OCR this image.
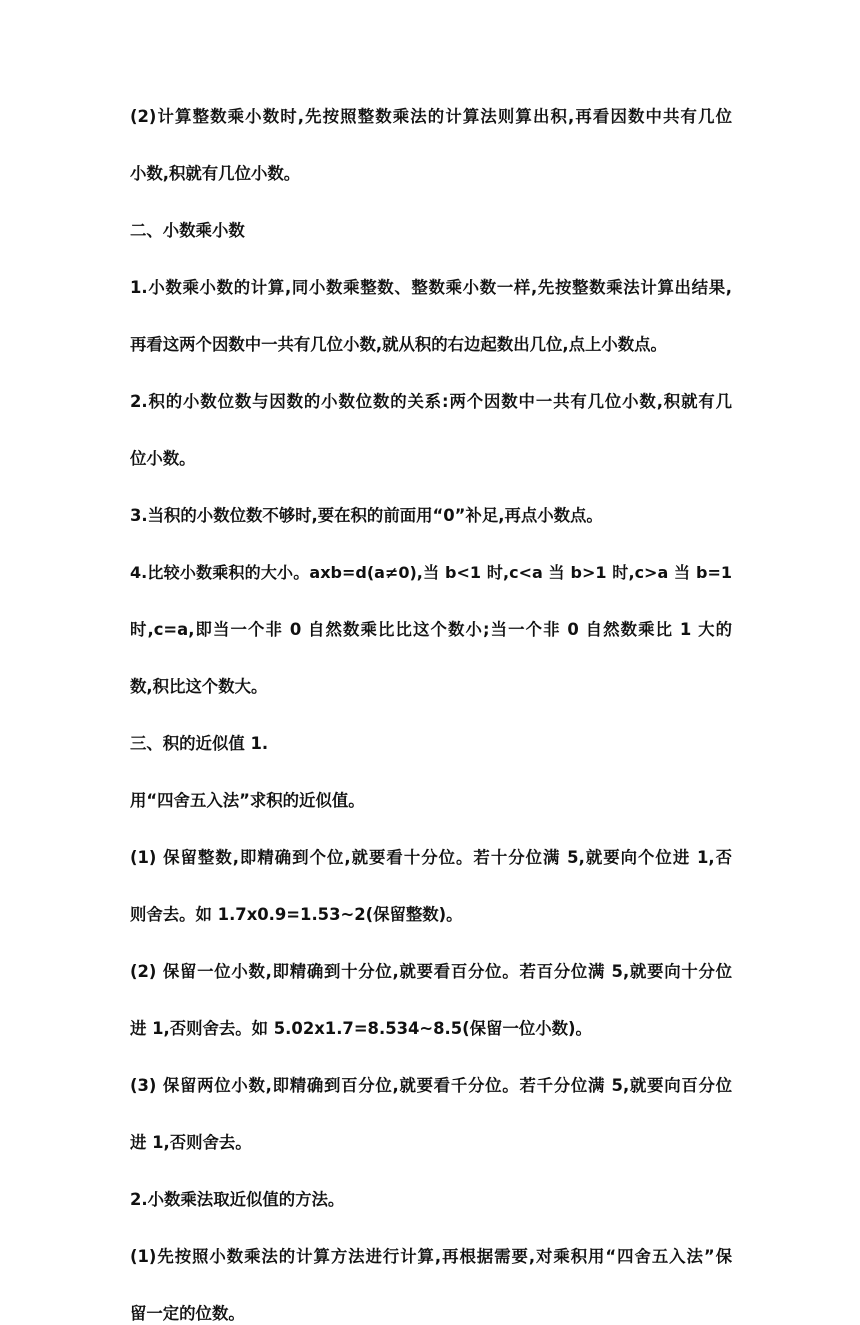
(2)计算整数乘小数时,先按照整数乘法的计算法则算出积,再看因数中共有几位
小数,积就有几位小数。
二、小数乘小数
1.小数乘小数的计算,同小数乘整数、整数乘小数一样,先按整数乘法计算出结果,
再看这两个因数中一共有几位小数,就从积的右边起数出几位,点上小数点。
2.积的小数位数与因数的小数位数的关系:两个因数中一共有几位小数,积就有几
位小数。
3.当积的小数位数不够时,要在积的前面用“0”补足,再点小数点。
4.比较小数乘积的大小。axb=d(a≠0),当 b<1 时,c<a 当 b>1 时,c>a 当 b=1
时,c=a,即当一个非 0 自然数乘比比这个数小;当一个非 0 自然数乘比 1 大的
数,积比这个数大。
三、积的近似值 1.
用“四舍五入法”求积的近似值。
(1) 保留整数,即精确到个位,就要看十分位。若十分位满 5,就要向个位进 1,否
则舍去。如 1.7x0.9=1.53~2(保留整数)。
(2) 保留一位小数,即精确到十分位,就要看百分位。若百分位满 5,就要向十分位
进 1,否则舍去。如 5.02x1.7=8.534~8.5(保留一位小数)。
(3) 保留两位小数,即精确到百分位,就要看千分位。若千分位满 5,就要向百分位
进 1,否则舍去。
2.小数乘法取近似值的方法。
(1)先按照小数乘法的计算方法进行计算,再根据需要,对乘积用“四舍五入法”保
留一定的位数。
